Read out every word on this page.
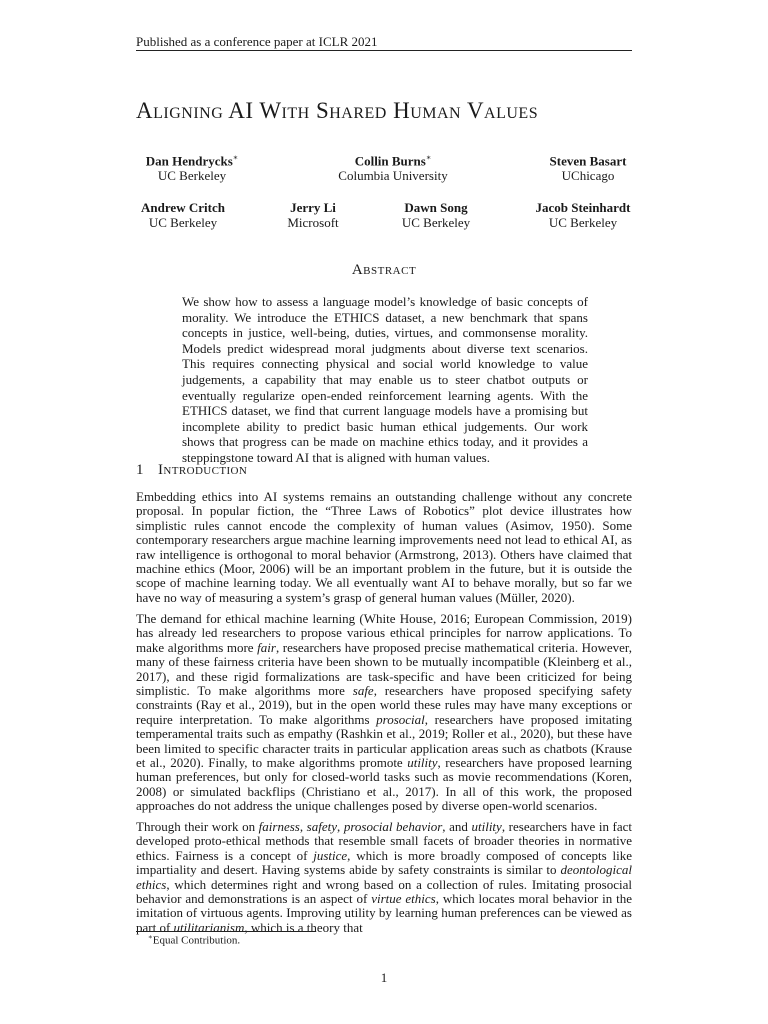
Published as a conference paper at ICLR 2021
Aligning AI With Shared Human Values
Dan Hendrycks∗
UC Berkeley
Collin Burns∗
Columbia University
Steven Basart
UChicago
Andrew Critch
UC Berkeley
Jerry Li
Microsoft
Dawn Song
UC Berkeley
Jacob Steinhardt
UC Berkeley
Abstract
We show how to assess a language model’s knowledge of basic concepts of morality. We introduce the ETHICS dataset, a new benchmark that spans concepts in justice, well-being, duties, virtues, and commonsense morality. Models predict widespread moral judgments about diverse text scenarios. This requires connecting physical and social world knowledge to value judgements, a capability that may enable us to steer chatbot outputs or eventually regularize open-ended reinforcement learning agents. With the ETHICS dataset, we find that current language models have a promising but incomplete ability to predict basic human ethical judgements. Our work shows that progress can be made on machine ethics today, and it provides a steppingstone toward AI that is aligned with human values.
1 Introduction
Embedding ethics into AI systems remains an outstanding challenge without any concrete proposal. In popular fiction, the “Three Laws of Robotics” plot device illustrates how simplistic rules cannot encode the complexity of human values (Asimov, 1950). Some contemporary researchers argue machine learning improvements need not lead to ethical AI, as raw intelligence is orthogonal to moral behavior (Armstrong, 2013). Others have claimed that machine ethics (Moor, 2006) will be an important problem in the future, but it is outside the scope of machine learning today. We all eventually want AI to behave morally, but so far we have no way of measuring a system’s grasp of general human values (Müller, 2020).
The demand for ethical machine learning (White House, 2016; European Commission, 2019) has already led researchers to propose various ethical principles for narrow applications. To make algorithms more fair, researchers have proposed precise mathematical criteria. However, many of these fairness criteria have been shown to be mutually incompatible (Kleinberg et al., 2017), and these rigid formalizations are task-specific and have been criticized for being simplistic. To make algorithms more safe, researchers have proposed specifying safety constraints (Ray et al., 2019), but in the open world these rules may have many exceptions or require interpretation. To make algorithms prosocial, researchers have proposed imitating temperamental traits such as empathy (Rashkin et al., 2019; Roller et al., 2020), but these have been limited to specific character traits in particular application areas such as chatbots (Krause et al., 2020). Finally, to make algorithms promote utility, researchers have proposed learning human preferences, but only for closed-world tasks such as movie recommendations (Koren, 2008) or simulated backflips (Christiano et al., 2017). In all of this work, the proposed approaches do not address the unique challenges posed by diverse open-world scenarios.
Through their work on fairness, safety, prosocial behavior, and utility, researchers have in fact developed proto-ethical methods that resemble small facets of broader theories in normative ethics. Fairness is a concept of justice, which is more broadly composed of concepts like impartiality and desert. Having systems abide by safety constraints is similar to deontological ethics, which determines right and wrong based on a collection of rules. Imitating prosocial behavior and demonstrations is an aspect of virtue ethics, which locates moral behavior in the imitation of virtuous agents. Improving utility by learning human preferences can be viewed as part of utilitarianism, which is a theory that
∗Equal Contribution.
1
